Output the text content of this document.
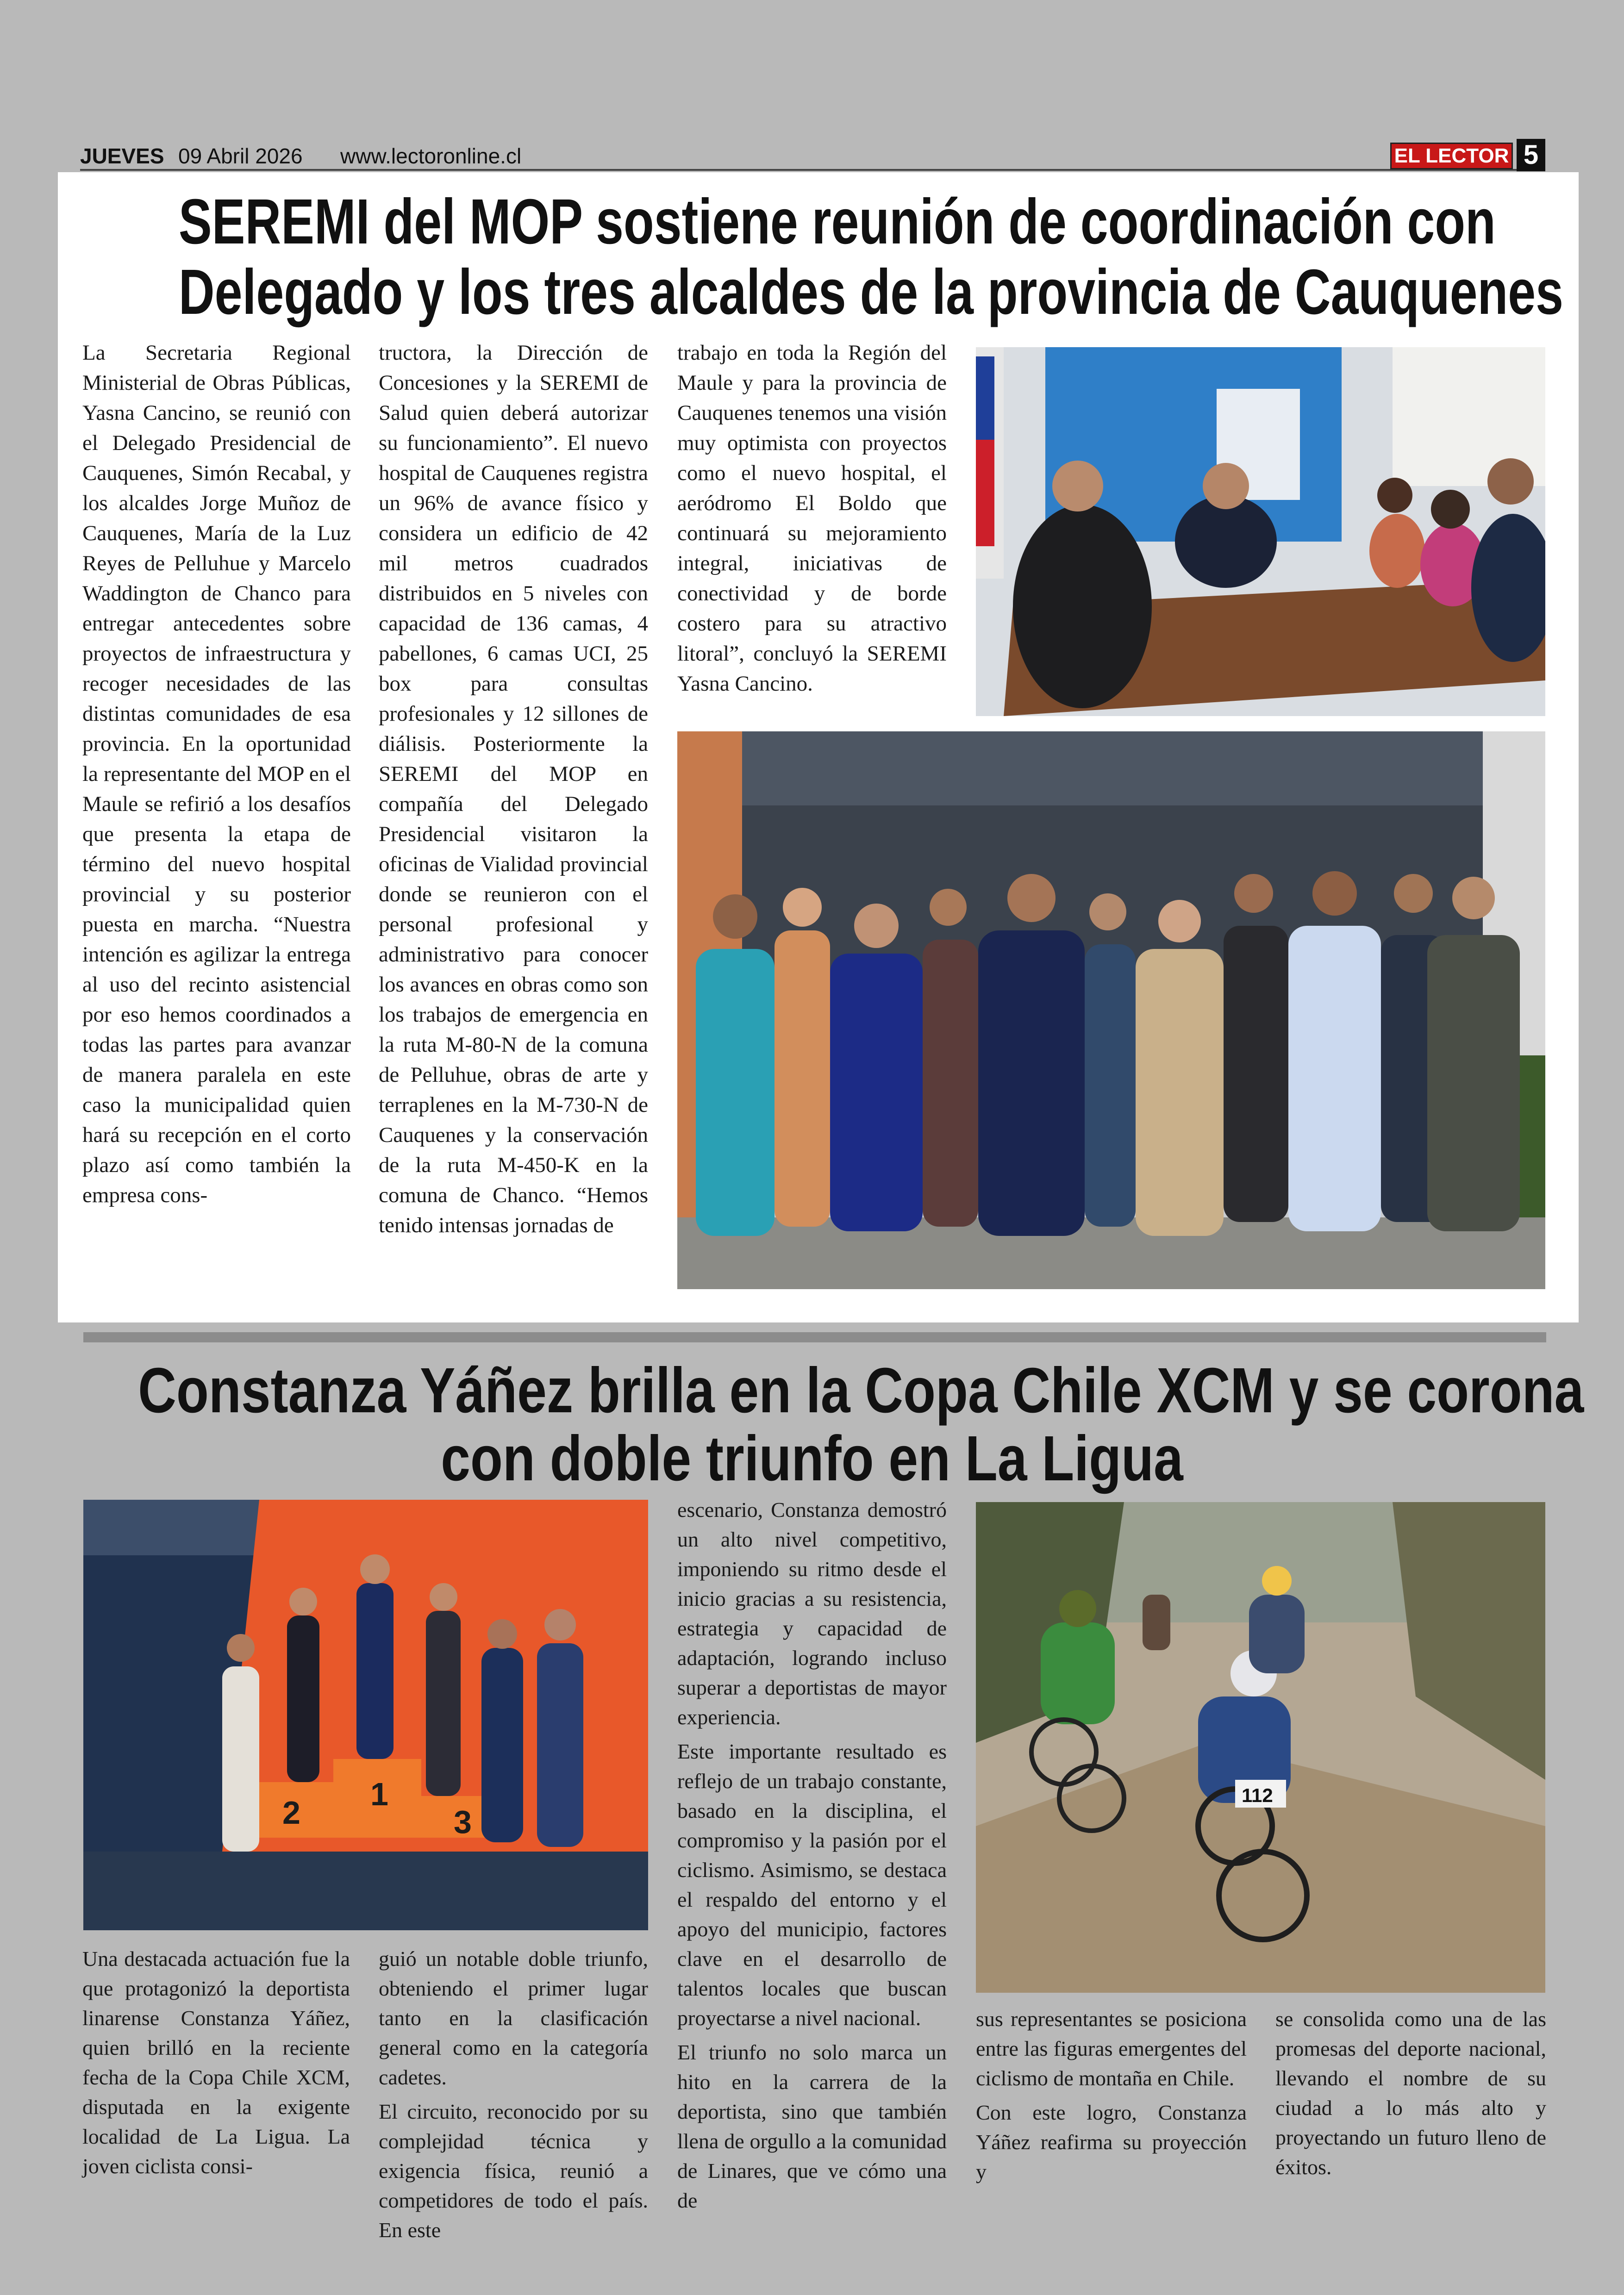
JUEVES 09 Abril 2026 www.lectoronline.cl	EL LECTOR 5
SEREMI del MOP sostiene reunión de coordinación con
Delegado y los tres alcaldes de la provincia de Cauquenes

La Secretaria Regional Ministerial de Obras Públicas, Yasna Cancino, se reunió con el Delegado Presidencial de Cauquenes, Simón Recabal, y los alcaldes Jorge Muñoz de Cauquenes, María de la Luz Reyes de Pelluhue y Marcelo Waddington de Chanco para entregar antecedentes sobre proyectos de infraestructura y recoger necesidades de las distintas comunidades de esa provincia. En la oportunidad la representante del MOP en el Maule se refirió a los desafíos que presenta la etapa de término del nuevo hospital provincial y su posterior puesta en marcha. “Nuestra intención es agilizar la entrega al uso del recinto asistencial por eso hemos coordinados a todas las partes para avanzar de manera paralela en este caso la municipalidad quien hará su recepción en el corto plazo así como también la empresa cons-

tructora, la Dirección de Concesiones y la SEREMI de Salud quien deberá autorizar su funcionamiento”. El nuevo hospital de Cauquenes registra un 96% de avance físico y considera un edificio de 42 mil metros cuadrados distribuidos en 5 niveles con capacidad de 136 camas, 4 pabellones, 6 camas UCI, 25 box para consultas profesionales y 12 sillones de diálisis. Posteriormente la SEREMI del MOP en compañía del Delegado Presidencial visitaron la oficinas de Vialidad provincial donde se reunieron con el personal profesional y administrativo para conocer los avances en obras como son los trabajos de emergencia en la ruta M-80-N de la comuna de Pelluhue, obras de arte y terraplenes en la M-730-N de Cauquenes y la conservación de la ruta M-450-K en la comuna de Chanco. “Hemos tenido intensas jornadas de

trabajo en toda la Región del Maule y para la provincia de Cauquenes tenemos una visión muy optimista con proyectos como el nuevo hospital, el aeródromo El Boldo que continuará su mejoramiento integral, iniciativas de conectividad y de borde costero para su atractivo litoral”, concluyó la SEREMI Yasna Cancino.

Constanza Yáñez brilla en la Copa Chile XCM y se corona
con doble triunfo en La Ligua
2
1
3
112

Una destacada actuación fue la que protagonizó la deportista linarense Constanza Yáñez, quien brilló en la reciente fecha de la Copa Chile XCM, disputada en la exigente localidad de La Ligua. La joven ciclista consi-

guió un notable doble triunfo, obteniendo el primer lugar tanto en la clasificación general como en la categoría cadetes.

El circuito, reconocido por su complejidad técnica y exigencia física, reunió a competidores de todo el país. En este

escenario, Constanza demostró un alto nivel competitivo, imponiendo su ritmo desde el inicio gracias a su resistencia, estrategia y capacidad de adaptación, logrando incluso superar a deportistas de mayor experiencia.

Este importante resultado es reflejo de un trabajo constante, basado en la disciplina, el compromiso y la pasión por el ciclismo. Asimismo, se destaca el respaldo del entorno y el apoyo del municipio, factores clave en el desarrollo de talentos locales que buscan proyectarse a nivel nacional.

El triunfo no solo marca un hito en la carrera de la deportista, sino que también llena de orgullo a la comunidad de Linares, que ve cómo una de

sus representantes se posiciona entre las figuras emergentes del ciclismo de montaña en Chile.

Con este logro, Constanza Yáñez reafirma su proyección y

se consolida como una de las promesas del deporte nacional, llevando el nombre de su ciudad a lo más alto y proyectando un futuro lleno de éxitos.
